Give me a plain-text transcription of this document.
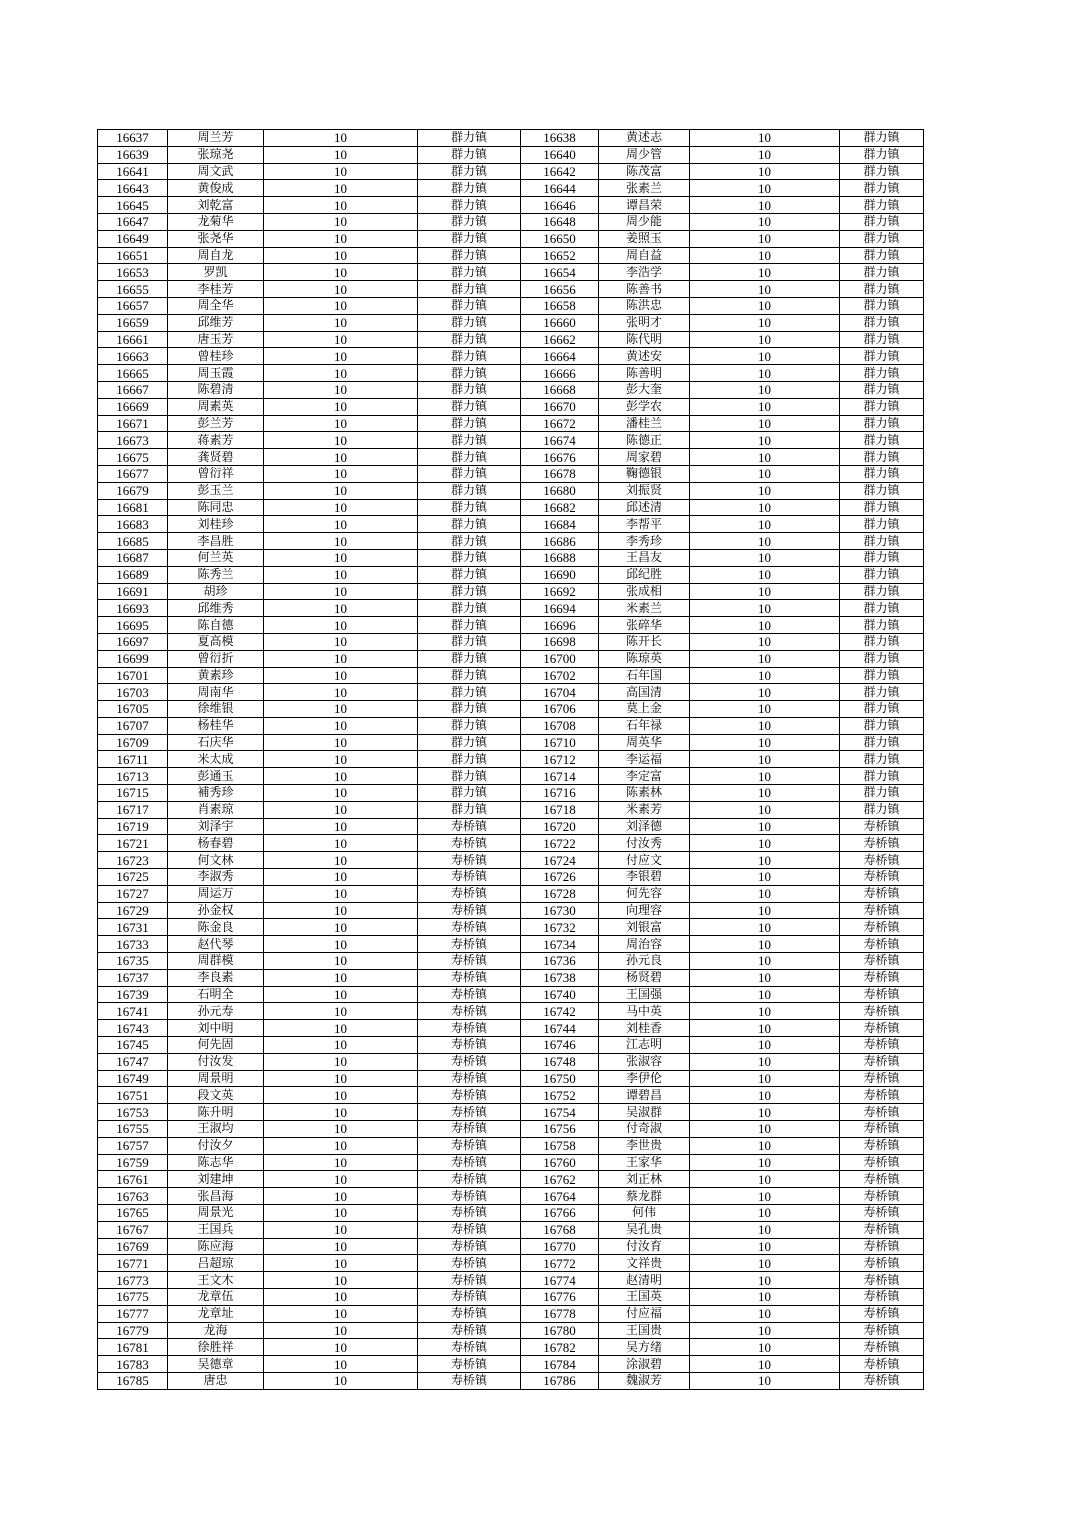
16637	周兰芳	10	群力镇	16638	黄述志	10	群力镇
16639	张琼尧	10	群力镇	16640	周少管	10	群力镇
16641	周文武	10	群力镇	16642	陈茂富	10	群力镇
16643	黄俊成	10	群力镇	16644	张素兰	10	群力镇
16645	刘乾富	10	群力镇	16646	谭昌荣	10	群力镇
16647	龙菊华	10	群力镇	16648	周少能	10	群力镇
16649	张尧华	10	群力镇	16650	姜照玉	10	群力镇
16651	周自龙	10	群力镇	16652	周自益	10	群力镇
16653	罗凯	10	群力镇	16654	李浩学	10	群力镇
16655	李桂芳	10	群力镇	16656	陈善书	10	群力镇
16657	周全华	10	群力镇	16658	陈洪忠	10	群力镇
16659	邱维芳	10	群力镇	16660	张明才	10	群力镇
16661	唐玉芳	10	群力镇	16662	陈代明	10	群力镇
16663	曾桂珍	10	群力镇	16664	黄述安	10	群力镇
16665	周玉霞	10	群力镇	16666	陈善明	10	群力镇
16667	陈碧清	10	群力镇	16668	彭大奎	10	群力镇
16669	周素英	10	群力镇	16670	彭学农	10	群力镇
16671	彭兰芳	10	群力镇	16672	潘桂兰	10	群力镇
16673	蒋素芳	10	群力镇	16674	陈德正	10	群力镇
16675	龚贤碧	10	群力镇	16676	周家碧	10	群力镇
16677	曾衍祥	10	群力镇	16678	鞠德银	10	群力镇
16679	彭玉兰	10	群力镇	16680	刘振贤	10	群力镇
16681	陈同忠	10	群力镇	16682	邱述清	10	群力镇
16683	刘桂珍	10	群力镇	16684	李帮平	10	群力镇
16685	李昌胜	10	群力镇	16686	李秀珍	10	群力镇
16687	何兰英	10	群力镇	16688	王昌友	10	群力镇
16689	陈秀兰	10	群力镇	16690	邱纪胜	10	群力镇
16691	胡珍	10	群力镇	16692	张成相	10	群力镇
16693	邱维秀	10	群力镇	16694	米素兰	10	群力镇
16695	陈自德	10	群力镇	16696	张碎华	10	群力镇
16697	夏高模	10	群力镇	16698	陈开长	10	群力镇
16699	曾衍折	10	群力镇	16700	陈琼英	10	群力镇
16701	黄素珍	10	群力镇	16702	石年国	10	群力镇
16703	周南华	10	群力镇	16704	高国清	10	群力镇
16705	徐维银	10	群力镇	16706	莫上金	10	群力镇
16707	杨桂华	10	群力镇	16708	石年禄	10	群力镇
16709	石庆华	10	群力镇	16710	周英华	10	群力镇
16711	米太成	10	群力镇	16712	李运福	10	群力镇
16713	彭通玉	10	群力镇	16714	李定富	10	群力镇
16715	補秀珍	10	群力镇	16716	陈素林	10	群力镇
16717	肖素琼	10	群力镇	16718	米素芳	10	群力镇
16719	刘泽宇	10	寿桥镇	16720	刘泽德	10	寿桥镇
16721	杨春碧	10	寿桥镇	16722	付汝秀	10	寿桥镇
16723	何文林	10	寿桥镇	16724	付应文	10	寿桥镇
16725	李淑秀	10	寿桥镇	16726	李银碧	10	寿桥镇
16727	周运万	10	寿桥镇	16728	何先容	10	寿桥镇
16729	孙金权	10	寿桥镇	16730	向理容	10	寿桥镇
16731	陈金良	10	寿桥镇	16732	刘银富	10	寿桥镇
16733	赵代琴	10	寿桥镇	16734	周治容	10	寿桥镇
16735	周群模	10	寿桥镇	16736	孙元良	10	寿桥镇
16737	李良素	10	寿桥镇	16738	杨贤碧	10	寿桥镇
16739	石明全	10	寿桥镇	16740	王国强	10	寿桥镇
16741	孙元寿	10	寿桥镇	16742	马中英	10	寿桥镇
16743	刘中明	10	寿桥镇	16744	刘桂香	10	寿桥镇
16745	何先固	10	寿桥镇	16746	江志明	10	寿桥镇
16747	付汝发	10	寿桥镇	16748	张淑容	10	寿桥镇
16749	周景明	10	寿桥镇	16750	李伊伦	10	寿桥镇
16751	段文英	10	寿桥镇	16752	谭碧昌	10	寿桥镇
16753	陈升明	10	寿桥镇	16754	吴淑群	10	寿桥镇
16755	王淑均	10	寿桥镇	16756	付奇淑	10	寿桥镇
16757	付汝夕	10	寿桥镇	16758	李世贵	10	寿桥镇
16759	陈志华	10	寿桥镇	16760	王家华	10	寿桥镇
16761	刘建坤	10	寿桥镇	16762	刘正林	10	寿桥镇
16763	张昌海	10	寿桥镇	16764	蔡龙群	10	寿桥镇
16765	周景光	10	寿桥镇	16766	何伟	10	寿桥镇
16767	王国兵	10	寿桥镇	16768	吴孔贵	10	寿桥镇
16769	陈应海	10	寿桥镇	16770	付汝育	10	寿桥镇
16771	吕超琼	10	寿桥镇	16772	文祥贵	10	寿桥镇
16773	王文木	10	寿桥镇	16774	赵清明	10	寿桥镇
16775	龙章伍	10	寿桥镇	16776	王国英	10	寿桥镇
16777	龙章址	10	寿桥镇	16778	付应福	10	寿桥镇
16779	龙海	10	寿桥镇	16780	王国贵	10	寿桥镇
16781	徐胜祥	10	寿桥镇	16782	吴方绪	10	寿桥镇
16783	吴德章	10	寿桥镇	16784	涂淑碧	10	寿桥镇
16785	唐忠	10	寿桥镇	16786	魏淑芳	10	寿桥镇
